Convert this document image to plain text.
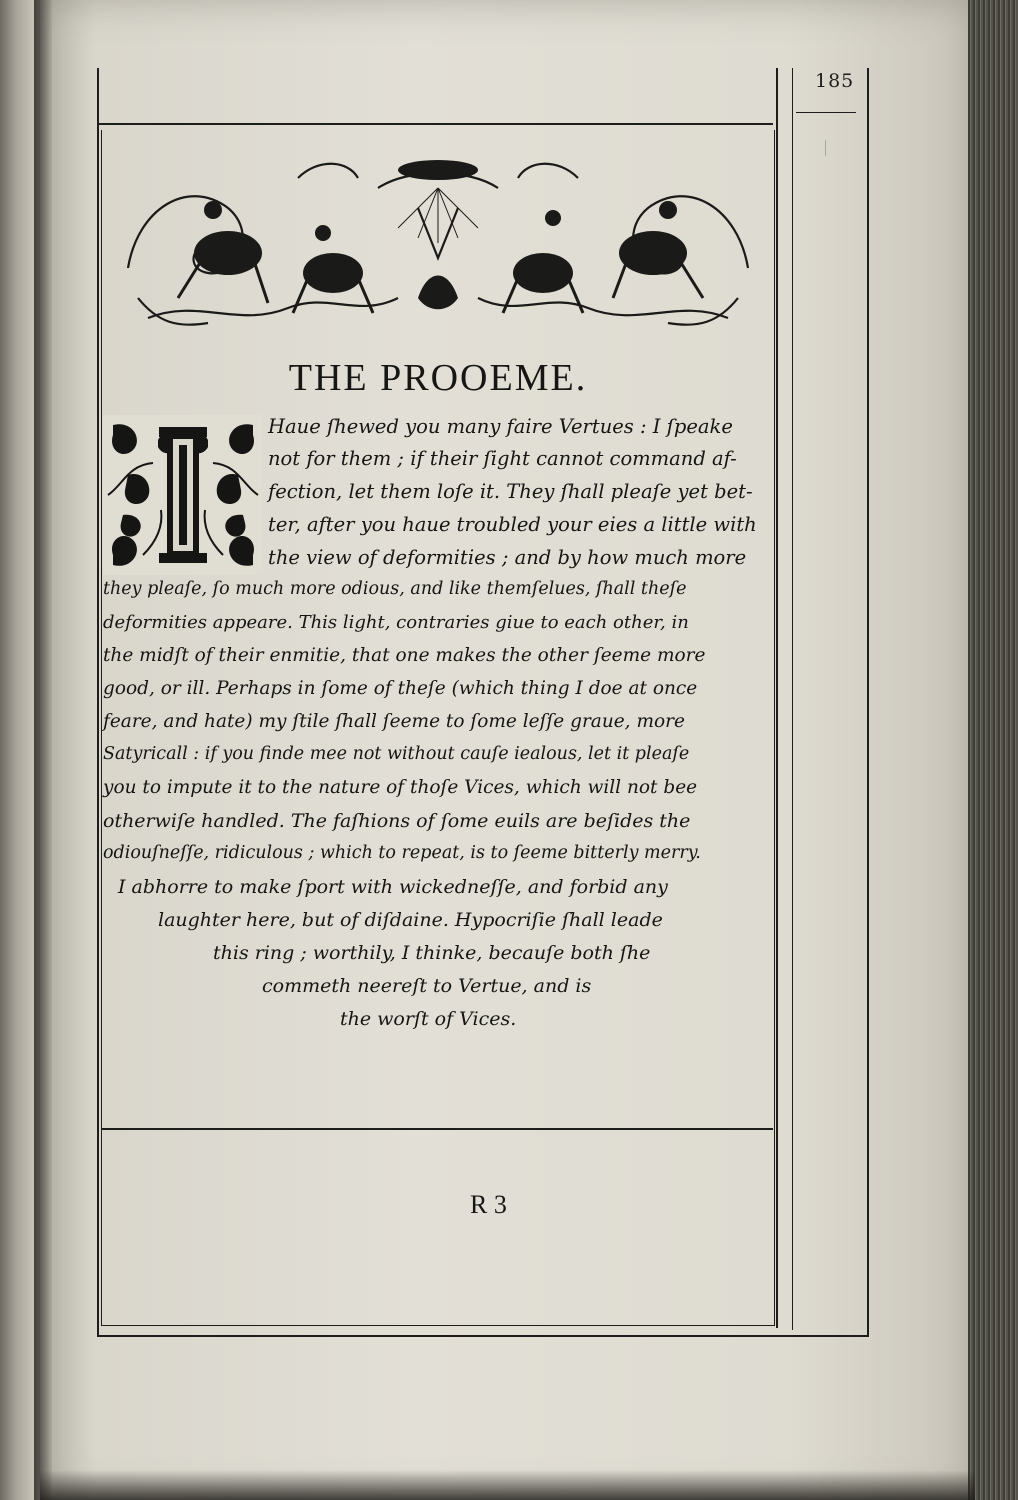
185
THE PROOEME.
Haue ſhewed you many faire Vertues : I ſpeake
not for them ; if their ſight cannot command af-
fection, let them loſe it. They ſhall pleaſe yet bet-
ter, after you haue troubled your eies a little with
the view of deformities ; and by how much more
they pleaſe, ſo much more odious, and like themſelues, ſhall theſe
deformities appeare. This light, contraries giue to each other, in
the midſt of their enmitie, that one makes the other ſeeme more
good, or ill. Perhaps in ſome of theſe (which thing I doe at once
feare, and hate) my ſtile ſhall ſeeme to ſome leſſe graue, more
Satyricall : if you finde mee not without cauſe iealous, let it pleaſe
you to impute it to the nature of thoſe Vices, which will not bee
otherwiſe handled. The faſhions of ſome euils are beſides the
odiouſneſſe, ridiculous ; which to repeat, is to ſeeme bitterly merry.
I abhorre to make ſport with wickedneſſe, and forbid any
laughter here, but of diſdaine. Hypocriſie ſhall leade
this ring ; worthily, I thinke, becauſe both ſhe
commeth neereſt to Vertue, and is
the worſt of Vices.
R 3
